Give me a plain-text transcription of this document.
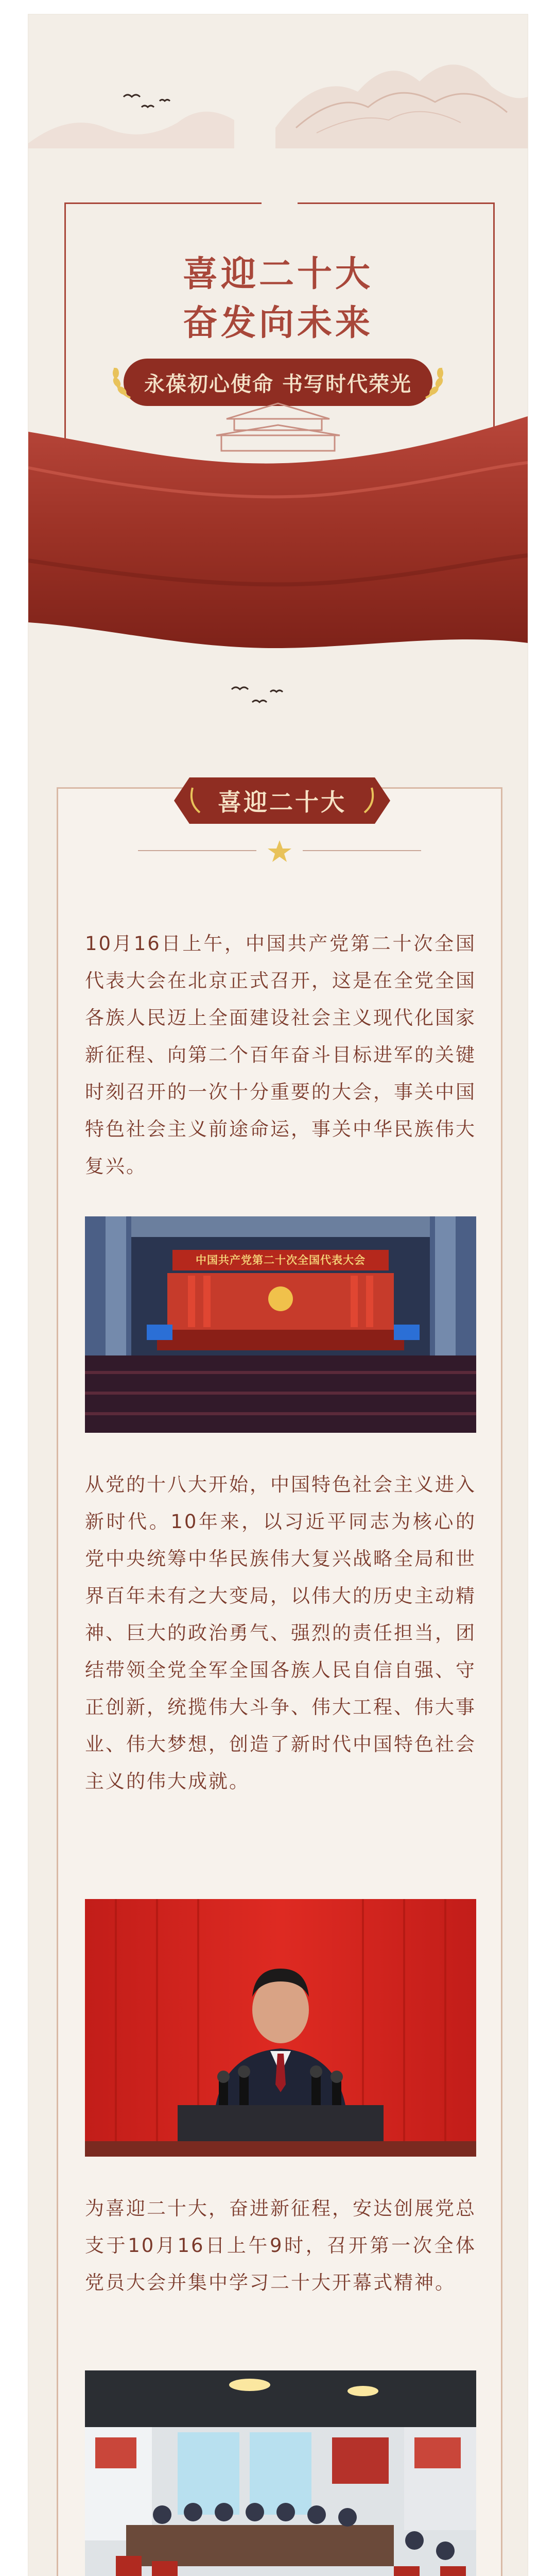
喜迎二十大
奋发向未来
永葆初心使命 书写时代荣光
喜迎二十大

10月16日上午，中国共产党第二十次全国代表大会在北京正式召开，这是在全党全国各族人民迈上全面建设社会主义现代化国家新征程、向第二个百年奋斗目标进军的关键时刻召开的一次十分重要的大会，事关中国特色社会主义前途命运，事关中华民族伟大复兴。

中国共产党第二十次全国代表大会

从党的十八大开始，中国特色社会主义进入新时代。10年来，以习近平同志为核心的党中央统筹中华民族伟大复兴战略全局和世界百年未有之大变局，以伟大的历史主动精神、巨大的政治勇气、强烈的责任担当，团结带领全党全军全国各族人民自信自强、守正创新，统揽伟大斗争、伟大工程、伟大事业、伟大梦想，创造了新时代中国特色社会主义的伟大成就。

为喜迎二十大，奋进新征程，安达创展党总支于10月16日上午9时，召开第一次全体党员大会并集中学习二十大开幕式精神。
